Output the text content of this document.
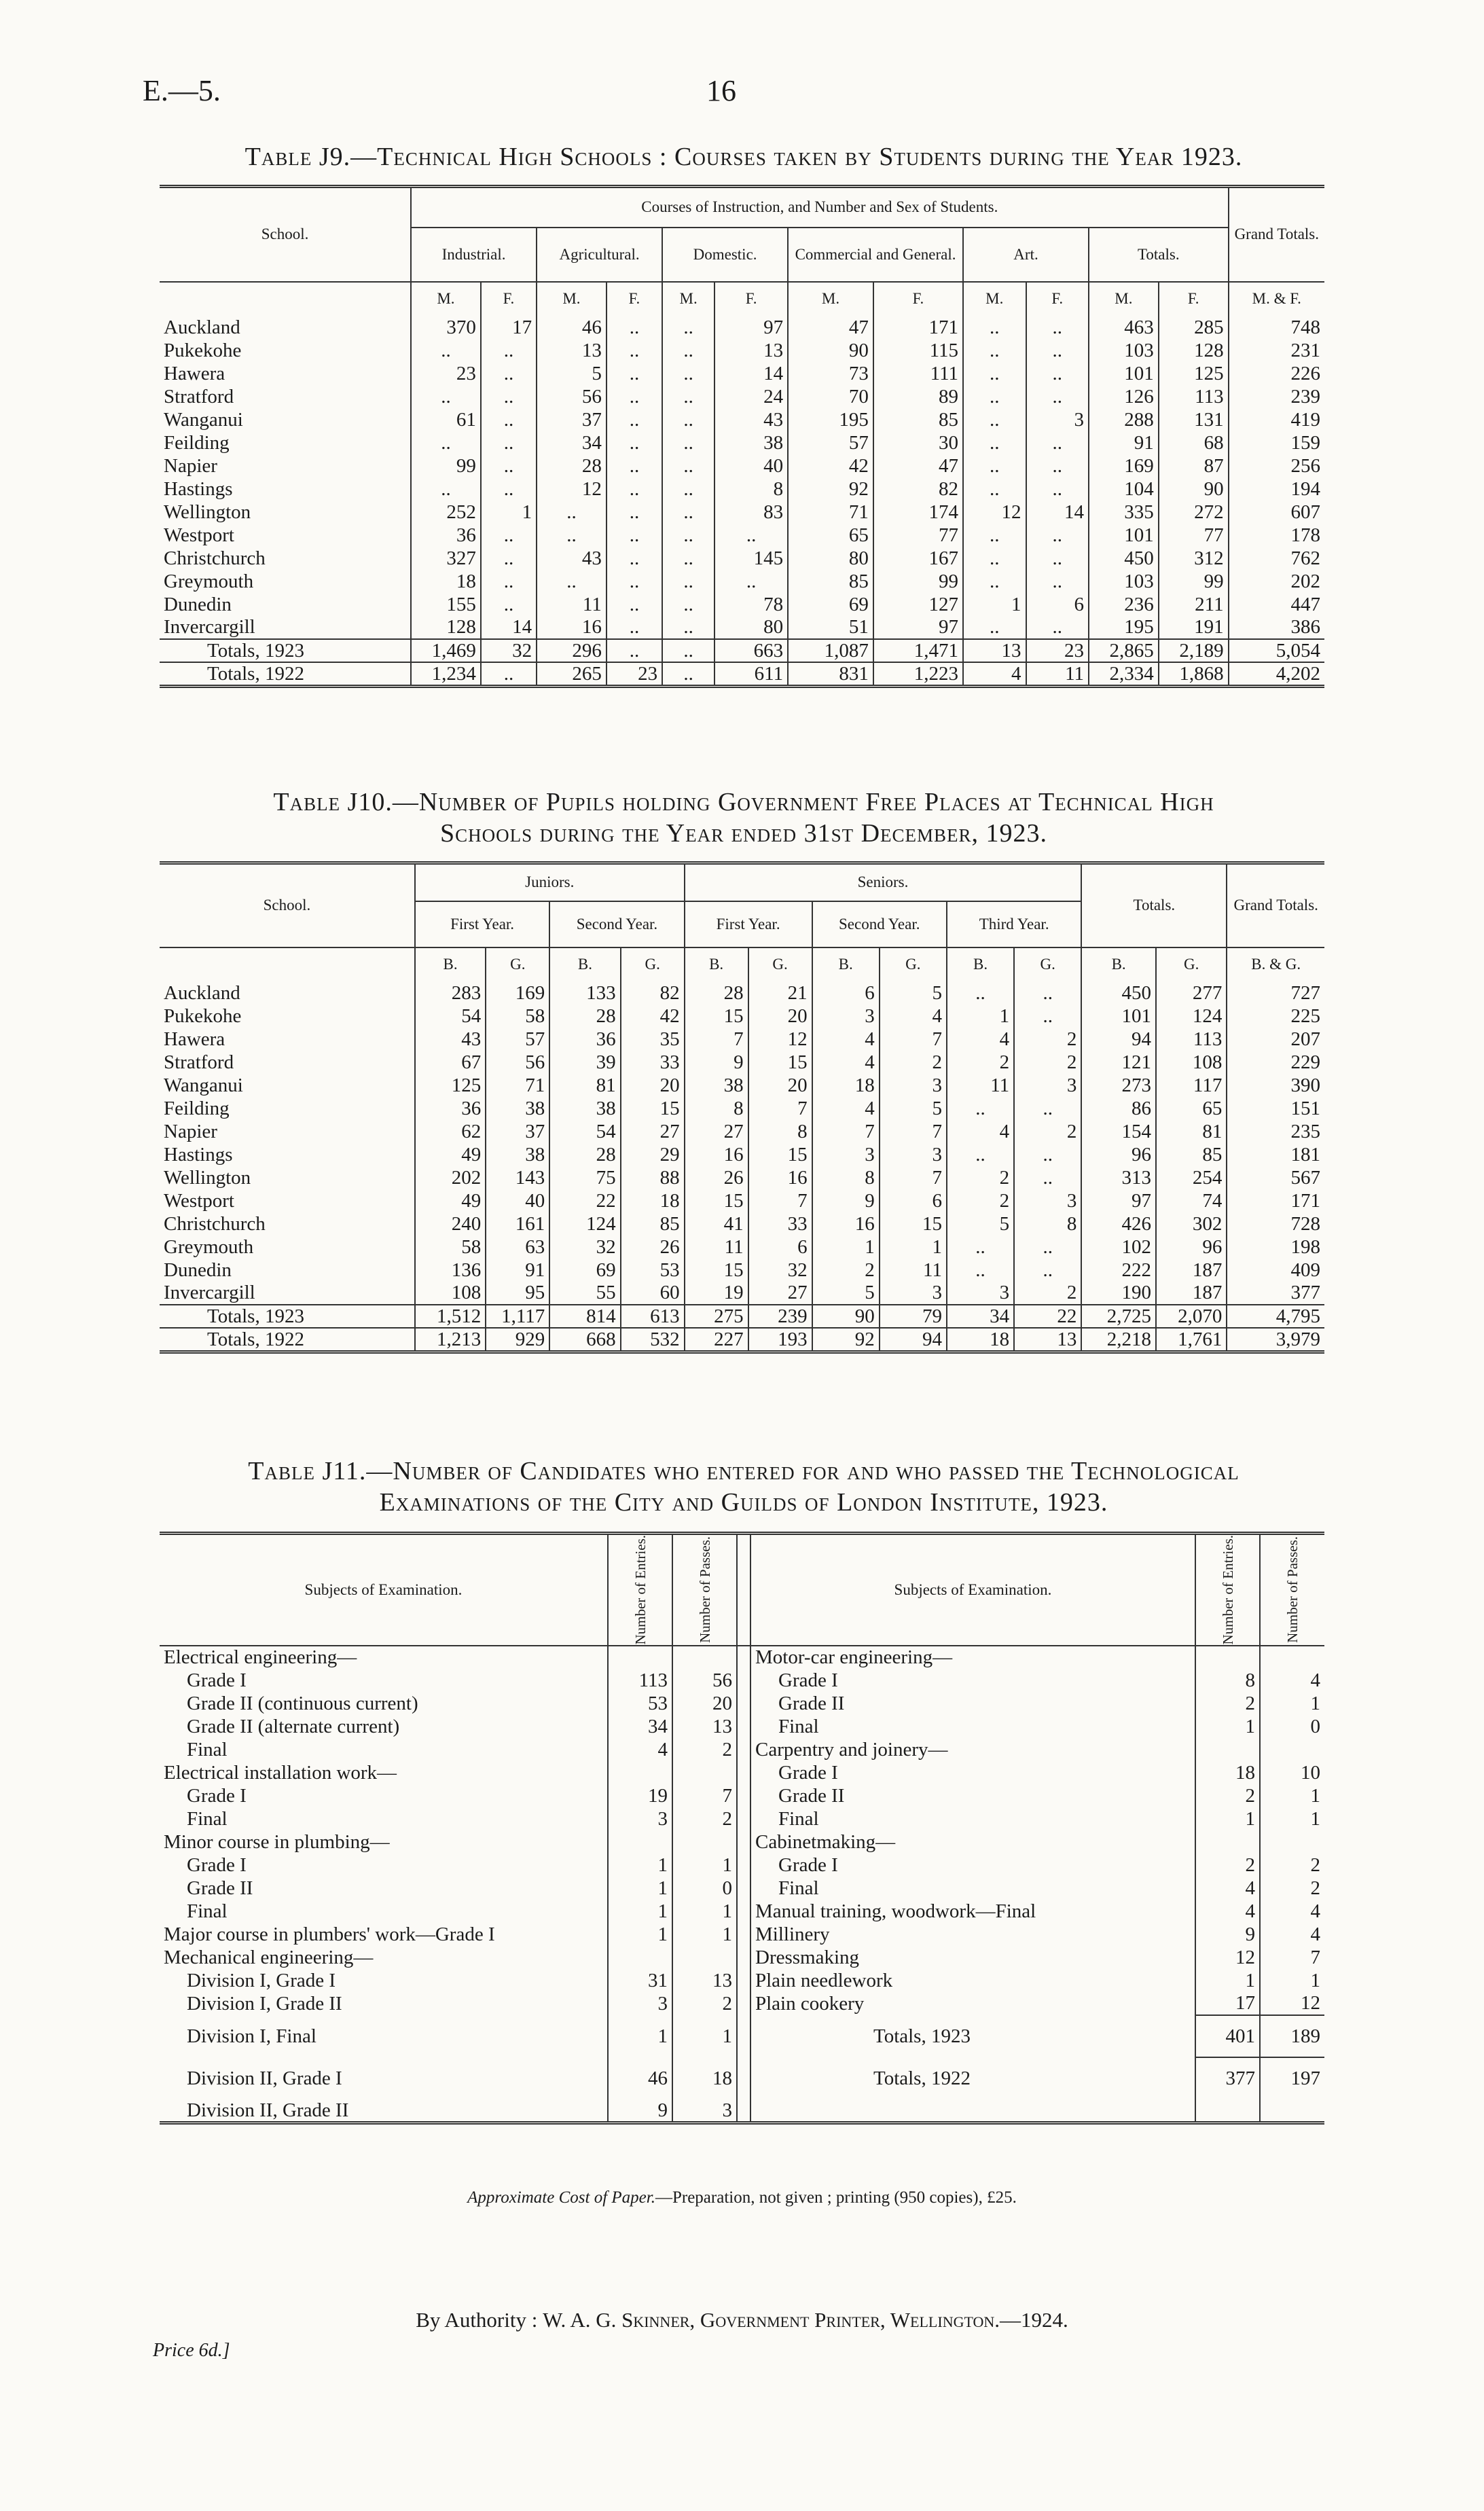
E.—5.	16
Table J9.—Technical High Schools : Courses taken by Students during the Year 1923.
School.	Courses of Instruction, and Number and Sex of Students.												Grand Totals.
	Industrial.		Agricultural.		Domestic.		Commercial and General.		Art.		Totals.		
	M.	F.	M.	F.	M.	F.	M.	F.	M.	F.	M.	F.	M. & F.
Auckland	370	17	46	..	..	97	47	171	..	..	463	285	748
Pukekohe	..	..	13	..	..	13	90	115	..	..	103	128	231
Hawera	23	..	5	..	..	14	73	111	..	..	101	125	226
Stratford	..	..	56	..	..	24	70	89	..	..	126	113	239
Wanganui	61	..	37	..	..	43	195	85	..	3	288	131	419
Feilding	..	..	34	..	..	38	57	30	..	..	91	68	159
Napier	99	..	28	..	..	40	42	47	..	..	169	87	256
Hastings	..	..	12	..	..	8	92	82	..	..	104	90	194
Wellington	252	1	..	..	..	83	71	174	12	14	335	272	607
Westport	36	..	..	..	..	..	65	77	..	..	101	77	178
Christchurch	327	..	43	..	..	145	80	167	..	..	450	312	762
Greymouth	18	..	..	..	..	..	85	99	..	..	103	99	202
Dunedin	155	..	11	..	..	78	69	127	1	6	236	211	447
Invercargill	128	14	16	..	..	80	51	97	..	..	195	191	386
Totals, 1923	1,469	32	296	..	..	663	1,087	1,471	13	23	2,865	2,189	5,054
Totals, 1922	1,234	..	265	23	..	611	831	1,223	4	11	2,334	1,868	4,202
Table J10.—Number of Pupils holding Government Free Places at Technical High
Schools during the Year ended 31st December, 1923.
School.	Juniors.				Seniors.						Totals.		Grand Totals.
	First Year.		Second Year.		First Year.		Second Year.		Third Year.				
	B.	G.	B.	G.	B.	G.	B.	G.	B.	G.	B.	G.	B. & G.
Auckland	283	169	133	82	28	21	6	5	..	..	450	277	727
Pukekohe	54	58	28	42	15	20	3	4	1	..	101	124	225
Hawera	43	57	36	35	7	12	4	7	4	2	94	113	207
Stratford	67	56	39	33	9	15	4	2	2	2	121	108	229
Wanganui	125	71	81	20	38	20	18	3	11	3	273	117	390
Feilding	36	38	38	15	8	7	4	5	..	..	86	65	151
Napier	62	37	54	27	27	8	7	7	4	2	154	81	235
Hastings	49	38	28	29	16	15	3	3	..	..	96	85	181
Wellington	202	143	75	88	26	16	8	7	2	..	313	254	567
Westport	49	40	22	18	15	7	9	6	2	3	97	74	171
Christchurch	240	161	124	85	41	33	16	15	5	8	426	302	728
Greymouth	58	63	32	26	11	6	1	1	..	..	102	96	198
Dunedin	136	91	69	53	15	32	2	11	..	..	222	187	409
Invercargill	108	95	55	60	19	27	5	3	3	2	190	187	377
Totals, 1923	1,512	1,117	814	613	275	239	90	79	34	22	2,725	2,070	4,795
Totals, 1922	1,213	929	668	532	227	193	92	94	18	13	2,218	1,761	3,979
Table J11.—Number of Candidates who entered for and who passed the Technological
Examinations of the City and Guilds of London Institute, 1923.
Subjects of Examination.	Number of Entries.	Number of Passes.		Subjects of Examination.	Number of Entries.	Number of Passes.

Electrical engineering—				Motor-car engineering—		
Grade I	113	56		Grade I	8	4
Grade II (continuous current)	53	20		Grade II	2	1
Grade II (alternate current)	34	13		Final	1	0
Final	4	2		Carpentry and joinery—		
Electrical installation work—				Grade I	18	10
Grade I	19	7		Grade II	2	1
Final	3	2		Final	1	1
Minor course in plumbing—				Cabinetmaking—		
Grade I	1	1		Grade I	2	2
Grade II	1	0		Final	4	2
Final	1	1		Manual training, woodwork—Final	4	4
Major course in plumbers' work—Grade I	1	1		Millinery	9	4
Mechanical engineering—				Dressmaking	12	7
Division I, Grade I	31	13		Plain needlework	1	1
Division I, Grade II	3	2		Plain cookery	17	12
Division I, Final	1	1		Totals, 1923	401	189
Division II, Grade I	46	18		Totals, 1922	377	197
Division II, Grade II	9	3				
Approximate Cost of Paper.—Preparation, not given ; printing (950 copies), £25.
By Authority : W. A. G. Skinner, Government Printer, Wellington.—1924.
Price 6d.]
